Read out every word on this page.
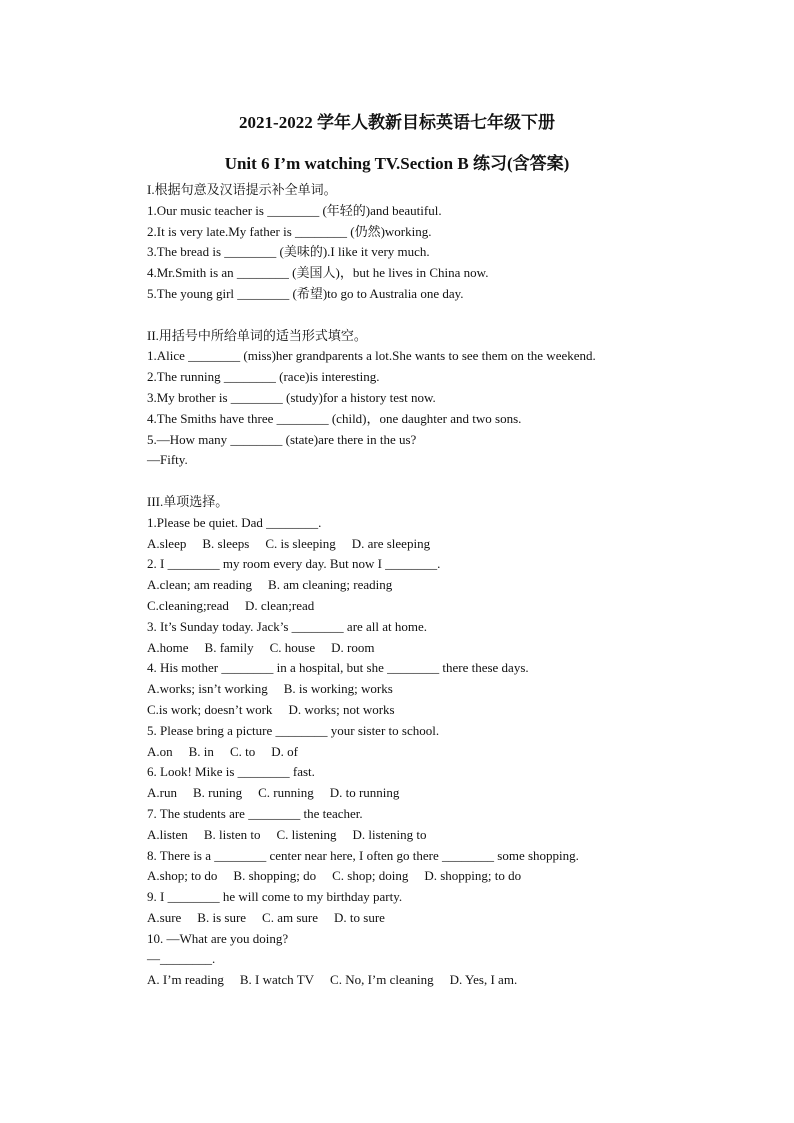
2021-2022 学年人教新目标英语七年级下册
Unit 6 I’m watching TV.Section B 练习(含答案)
I.根据句意及汉语提示补全单词。
1.Our music teacher is ________ (年轻的)and beautiful.
2.It is very late.My father is ________ (仍然)working.
3.The bread is ________ (美味的).I like it very much.
4.Mr.Smith is an ________ (美国人)，but he lives in China now.
5.The young girl ________ (希望)to go to Australia one day.
II.用括号中所给单词的适当形式填空。
1.Alice ________ (miss)her grandparents a lot.She wants to see them on the weekend.
2.The running ________ (race)is interesting.
3.My brother is ________ (study)for a history test now.
4.The Smiths have three ________ (child)，one daughter and two sons.
5.—How many ________ (state)are there in the us?
—Fifty.
III.单项选择。
1.Please be quiet. Dad ________.
A.sleep B. sleeps C. is sleeping D. are sleeping
2. I ________ my room every day. But now I ________.
A.clean; am reading B. am cleaning; reading
C.cleaning;read D. clean;read
3. It’s Sunday today. Jack’s ________ are all at home.
A.home B. family C. house D. room
4. His mother ________ in a hospital, but she ________ there these days.
A.works; isn’t working B. is working; works
C.is work; doesn’t work D. works; not works
5. Please bring a picture ________ your sister to school.
A.on B. in C. to D. of
6. Look! Mike is ________ fast.
A.run B. runing C. running D. to running
7. The students are ________ the teacher.
A.listen B. listen to C. listening D. listening to
8. There is a ________ center near here, I often go there ________ some shopping.
A.shop; to do B. shopping; do C. shop; doing D. shopping; to do
9. I ________ he will come to my birthday party.
A.sure B. is sure C. am sure D. to sure
10. —What are you doing?
—________.
A. I’m reading B. I watch TV C. No, I’m cleaning D. Yes, I am.
